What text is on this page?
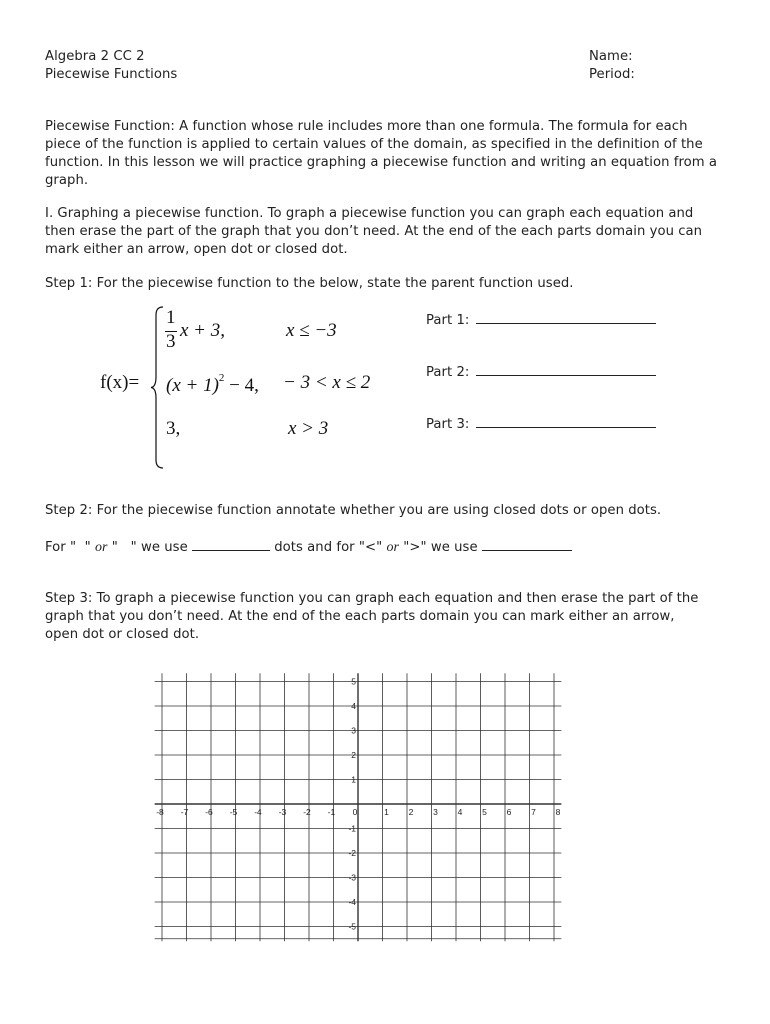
Algebra 2 CC 2
Piecewise Functions
Name:
Period:
Piecewise Function: A function whose rule includes more than one formula. The formula for each
piece of the function is applied to certain values of the domain, as specified in the definition of the
function. In this lesson we will practice graphing a piecewise function and writing an equation from a
graph.
I. Graphing a piecewise function. To graph a piecewise function you can graph each equation and
then erase the part of the graph that you don’t need. At the end of the each parts domain you can
mark either an arrow, open dot or closed dot.
Step 1: For the piecewise function to the below, state the parent function used.
f(x)=
1
3
x + 3,	x ≤ −3
$(x + 1)^2 - 4$, − 3 < x ≤ 2
3,	x > 3
Part 1:
Part 2:
Part 3:
Step 2: For the piecewise function annotate whether you are using closed dots or open dots.
For "  " or " " we use	dots and for "<" or ">" we use
Step 3: To graph a piecewise function you can graph each equation and then erase the part of the
graph that you don’t need. At the end of the each parts domain you can mark either an arrow,
open dot or closed dot.
-8 -7 -6 -5 -4 -3 -2 -1 0	1 2 3 4 5 6 7 8
5
4
3
2
1
-1
-2
-3
-4
-5
